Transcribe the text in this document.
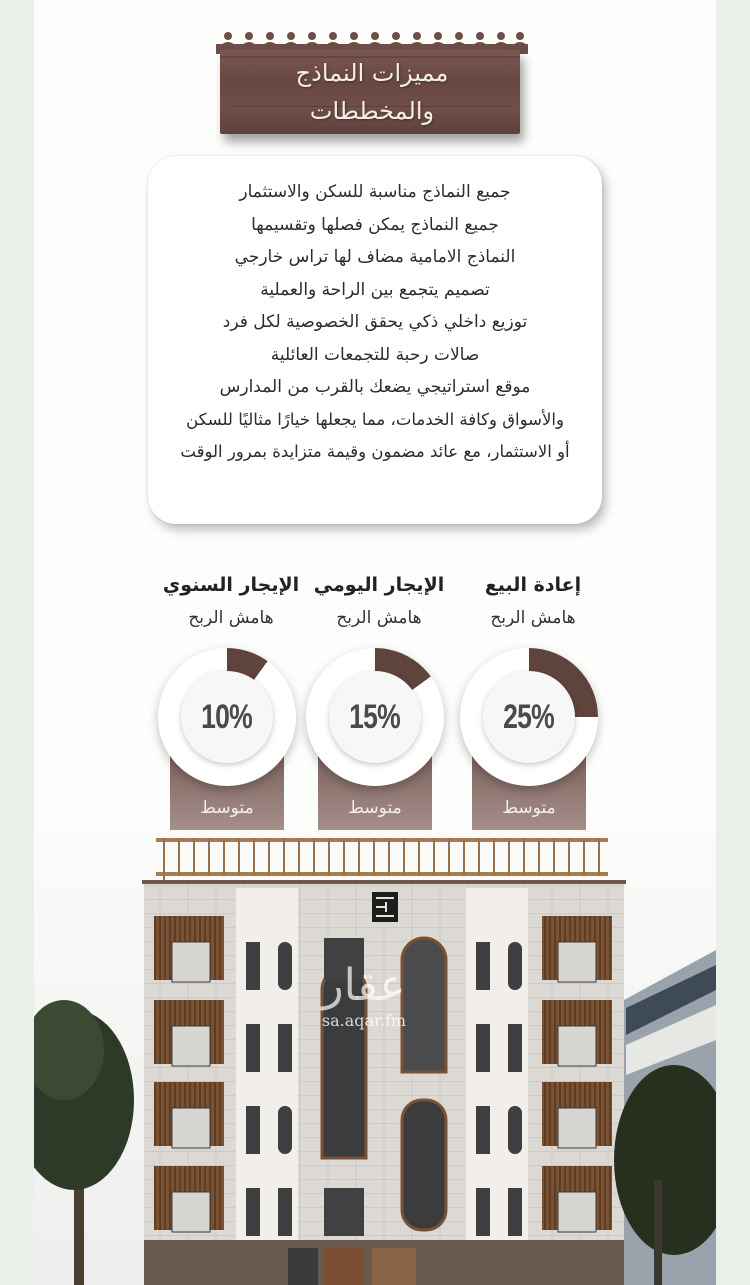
مميزات النماذج
والمخططات
جميع النماذج مناسبة للسكن والاستثمار
جميع النماذج يمكن فصلها وتقسيمها
النماذج الامامية مضاف لها تراس خارجي
تصميم يتجمع بين الراحة والعملية
توزيع داخلي ذكي يحقق الخصوصية لكل فرد
صالات رحبة للتجمعات العائلية
موقع استراتيجي يضعك بالقرب من المدارس
والأسواق وكافة الخدمات، مما يجعلها خيارًا مثاليًا للسكن
أو الاستثمار، مع عائد مضمون وقيمة متزايدة بمرور الوقت
إعادة البيع
هامش الربح
25%
متوسط
الإيجار اليومي
هامش الربح
15%
متوسط
الإيجار السنوي
هامش الربح
10%
متوسط
عقار
sa.aqar.fm
